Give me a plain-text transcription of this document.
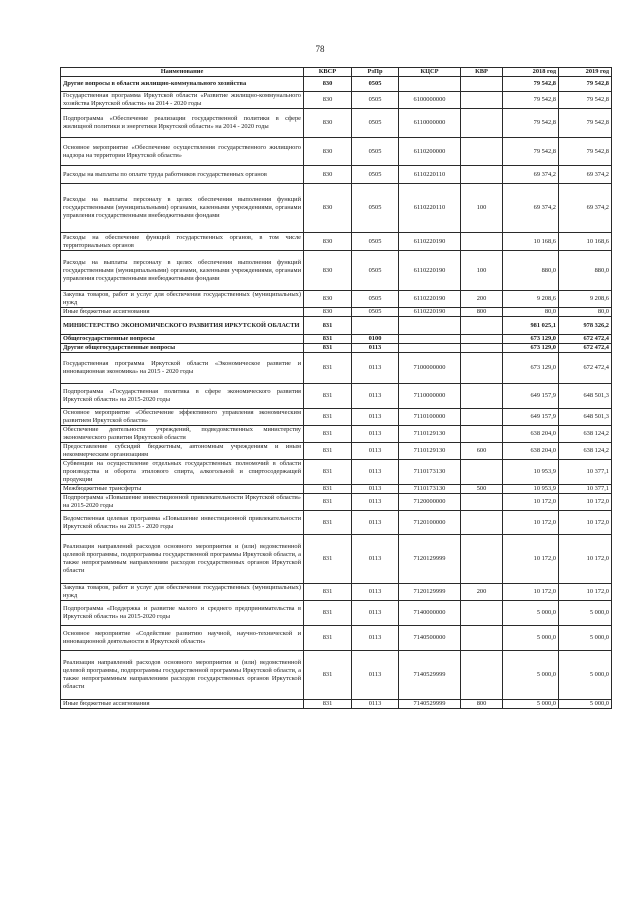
78
Наименование	КВСР	РзПр	КЦСР	КВР	2018 год	2019 год
Другие вопросы в области жилищно-коммунального хозяйства	830	0505			79 542,8	79 542,8
Государственная программа Иркутской области «Развитие жилищно-коммунального хозяйства Иркутской области» на 2014 - 2020 годы	830	0505	6100000000		79 542,8	79 542,8
Подпрограмма «Обеспечение реализации государственной политики в сфере жилищной политики и энергетики Иркутской области» на 2014 - 2020 годы	830	0505	6110000000		79 542,8	79 542,8
Основное мероприятие «Обеспечение осуществления государственного жилищного надзора на территории Иркутской области»	830	0505	6110200000		79 542,8	79 542,8
Расходы на выплаты по оплате труда работников государственных органов	830	0505	6110220110		69 374,2	69 374,2
Расходы на выплаты персоналу в целях обеспечения выполнения функций государственными (муниципальными) органами, казенными учреждениями, органами управления государственными внебюджетными фондами	830	0505	6110220110	100	69 374,2	69 374,2
Расходы на обеспечение функций государственных органов, в том числе территориальных органов	830	0505	6110220190		10 168,6	10 168,6
Расходы на выплаты персоналу в целях обеспечения выполнения функций государственными (муниципальными) органами, казенными учреждениями, органами управления государственными внебюджетными фондами	830	0505	6110220190	100	880,0	880,0
Закупка товаров, работ и услуг для обеспечения государственных (муниципальных) нужд	830	0505	6110220190	200	9 208,6	9 208,6
Иные бюджетные ассигнования	830	0505	6110220190	800	80,0	80,0
МИНИСТЕРСТВО ЭКОНОМИЧЕСКОГО РАЗВИТИЯ ИРКУТСКОЙ ОБЛАСТИ	831				981 025,1	978 326,2
Общегосударственные вопросы	831	0100			673 129,0	672 472,4
Другие общегосударственные вопросы	831	0113			673 129,0	672 472,4
Государственная программа Иркутской области «Экономическое развитие и инновационная экономика» на 2015 - 2020 годы	831	0113	7100000000		673 129,0	672 472,4
Подпрограмма «Государственная политика в сфере экономического развития Иркутской области» на 2015-2020 годы	831	0113	7110000000		649 157,9	648 501,3
Основное мероприятие «Обеспечение эффективного управления экономическим развитием Иркутской области»	831	0113	7110100000		649 157,9	648 501,3
Обеспечение деятельности учреждений, подведомственных министерству экономического развития Иркутской области	831	0113	7110129130		638 204,0	638 124,2
Предоставление субсидий бюджетным, автономным учреждениям и иным некоммерческим организациям	831	0113	7110129130	600	638 204,0	638 124,2
Субвенции на осуществление отдельных государственных полномочий в области производства и оборота этилового спирта, алкогольной и спиртосодержащей продукции	831	0113	7110173130		10 953,9	10 377,1
Межбюджетные трансферты	831	0113	7110173130	500	10 953,9	10 377,1
Подпрограмма «Повышение инвестиционной привлекательности Иркутской области» на 2015-2020 годы	831	0113	7120000000		10 172,0	10 172,0
Ведомственная целевая программа «Повышение инвестиционной привлекательности Иркутской области» на 2015 - 2020 годы	831	0113	7120100000		10 172,0	10 172,0
Реализация направлений расходов основного мероприятия и (или) ведомственной целевой программы, подпрограммы государственной программы Иркутской области, а также непрограммным направлениям расходов государственных органов Иркутской области	831	0113	7120129999		10 172,0	10 172,0
Закупка товаров, работ и услуг для обеспечения государственных (муниципальных) нужд	831	0113	7120129999	200	10 172,0	10 172,0
Подпрограмма «Поддержка и развитие малого и среднего предпринимательства в Иркутской области» на 2015-2020 годы	831	0113	7140000000		5 000,0	5 000,0
Основное мероприятие «Содействие развитию научной, научно-технической и инновационной деятельности в Иркутской области»	831	0113	7140500000		5 000,0	5 000,0
Реализация направлений расходов основного мероприятия и (или) ведомственной целевой программы, подпрограммы государственной программы Иркутской области, а также непрограммным направлениям расходов государственных органов Иркутской области	831	0113	7140529999		5 000,0	5 000,0
Иные бюджетные ассигнования	831	0113	7140529999	800	5 000,0	5 000,0
